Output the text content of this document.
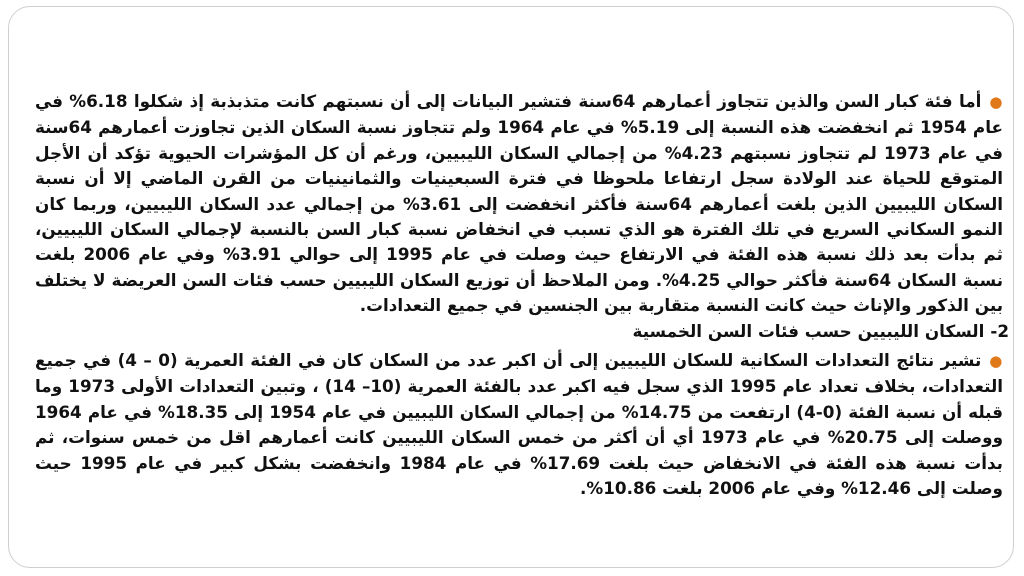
●أما فئة كبار السن والذين تتجاوز أعمارهم 64سنة فتشير البيانات إلى أن نسبتهم كانت متذبذبة إذ شكلوا 6.18% في عام 1954 ثم انخفضت هذه النسبة إلى 5.19% في عام 1964 ولم تتجاوز نسبة السكان الذين تجاوزت أعمارهم 64سنة في عام 1973 لم تتجاوز نسبتهم 4.23% من إجمالي السكان الليبيين، ورغم أن كل المؤشرات الحيوية تؤكد أن الأجل المتوقع للحياة عند الولادة سجل ارتفاعا ملحوظا في فترة السبعينيات والثمانينيات من القرن الماضي إلا أن نسبة السكان الليبيين الذين بلغت أعمارهم 64سنة فأكثر انخفضت إلى 3.61% من إجمالي عدد السكان الليبيين، وربما كان النمو السكاني السريع في تلك الفترة هو الذي تسبب في انخفاض نسبة كبار السن بالنسبة لإجمالي السكان الليبيين، ثم بدأت بعد ذلك نسبة هذه الفئة في الارتفاع حيث وصلت في عام 1995 إلى حوالي 3.91% وفي عام 2006 بلغت نسبة السكان 64سنة فأكثر حوالي 4.25%. ومن الملاحظ أن توزيع السكان الليبيين حسب فئات السن العريضة لا يختلف بين الذكور والإناث حيث كانت النسبة متقاربة بين الجنسين في جميع التعدادات.

2-السكان الليبيين حسب فئات السن الخمسية

●تشير نتائج التعدادات السكانية للسكان الليبيين إلى أن اكبر عدد من السكان كان في الفئة العمرية (0 – 4) في جميع التعدادات، بخلاف تعداد عام 1995 الذي سجل فيه اكبر عدد بالفئة العمرية (10– 14) ، وتبين التعدادات الأولى 1973 وما قبله أن نسبة الفئة (0-4) ارتفعت من 14.75% من إجمالي السكان الليبيين في عام 1954 إلى 18.35% في عام 1964 ووصلت إلى 20.75% في عام 1973 أي أن أكثر من خمس السكان الليبيين كانت أعمارهم اقل من خمس سنوات، ثم بدأت نسبة هذه الفئة في الانخفاض حيث بلغت 17.69% في عام 1984 وانخفضت بشكل كبير في عام 1995 حيث وصلت إلى 12.46% وفي عام 2006 بلغت 10.86%.
